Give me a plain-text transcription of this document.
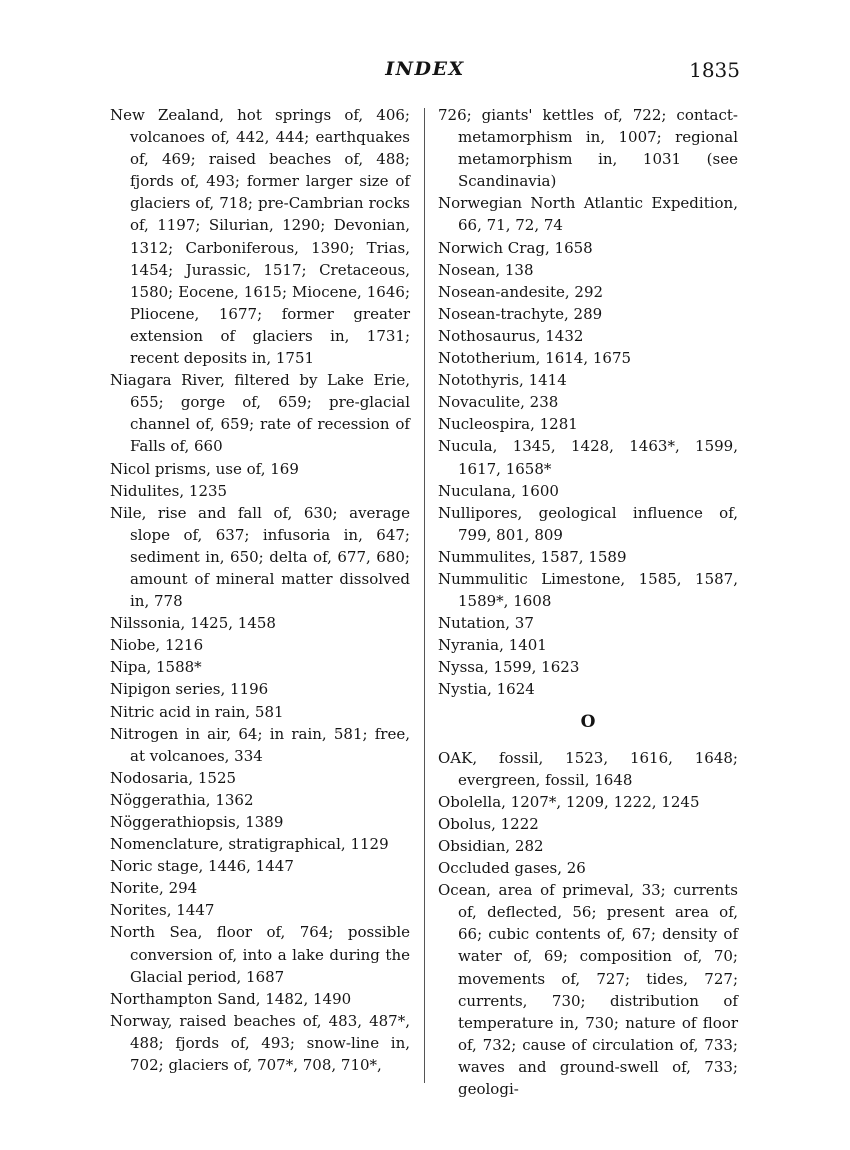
INDEX	1835

New Zealand, hot springs of, 406; volcanoes of, 442, 444; earthquakes of, 469; raised beaches of, 488; fjords of, 493; former larger size of glaciers of, 718; pre-Cambrian rocks of, 1197; Silurian, 1290; Devonian, 1312; Carboniferous, 1390; Trias, 1454; Jurassic, 1517; Cretaceous, 1580; Eocene, 1615; Miocene, 1646; Pliocene, 1677; former greater extension of glaciers in, 1731; recent deposits in, 1751

Niagara River, filtered by Lake Erie, 655; gorge of, 659; pre-glacial channel of, 659; rate of recession of Falls of, 660

Nicol prisms, use of, 169

Nidulites, 1235

Nile, rise and fall of, 630; average slope of, 637; infusoria in, 647; sediment in, 650; delta of, 677, 680; amount of mineral matter dissolved in, 778

Nilssonia, 1425, 1458

Niobe, 1216

Nipa, 1588*

Nipigon series, 1196

Nitric acid in rain, 581

Nitrogen in air, 64; in rain, 581; free, at volcanoes, 334

Nodosaria, 1525

Nöggerathia, 1362

Nöggerathiopsis, 1389

Nomenclature, stratigraphical, 1129

Noric stage, 1446, 1447

Norite, 294

Norites, 1447

North Sea, floor of, 764; possible conversion of, into a lake during the Glacial period, 1687

Northampton Sand, 1482, 1490

Norway, raised beaches of, 483, 487*, 488; fjords of, 493; snow-line in, 702; glaciers of, 707*, 708, 710*,

726; giants' kettles of, 722; contact-metamorphism in, 1007; regional metamorphism in, 1031 (see Scandinavia)

Norwegian North Atlantic Expedition, 66, 71, 72, 74

Norwich Crag, 1658

Nosean, 138

Nosean-andesite, 292

Nosean-trachyte, 289

Nothosaurus, 1432

Nototherium, 1614, 1675

Notothyris, 1414

Novaculite, 238

Nucleospira, 1281

Nucula, 1345, 1428, 1463*, 1599, 1617, 1658*

Nuculana, 1600

Nullipores, geological influence of, 799, 801, 809

Nummulites, 1587, 1589

Nummulitic Limestone, 1585, 1587, 1589*, 1608

Nutation, 37

Nyrania, 1401

Nyssa, 1599, 1623

Nystia, 1624

O

OAK, fossil, 1523, 1616, 1648; evergreen, fossil, 1648

Obolella, 1207*, 1209, 1222, 1245

Obolus, 1222

Obsidian, 282

Occluded gases, 26

Ocean, area of primeval, 33; currents of, deflected, 56; present area of, 66; cubic contents of, 67; density of water of, 69; composition of, 70; movements of, 727; tides, 727; currents, 730; distribution of temperature in, 730; nature of floor of, 732; cause of circulation of, 733; waves and ground-swell of, 733; geologi-
